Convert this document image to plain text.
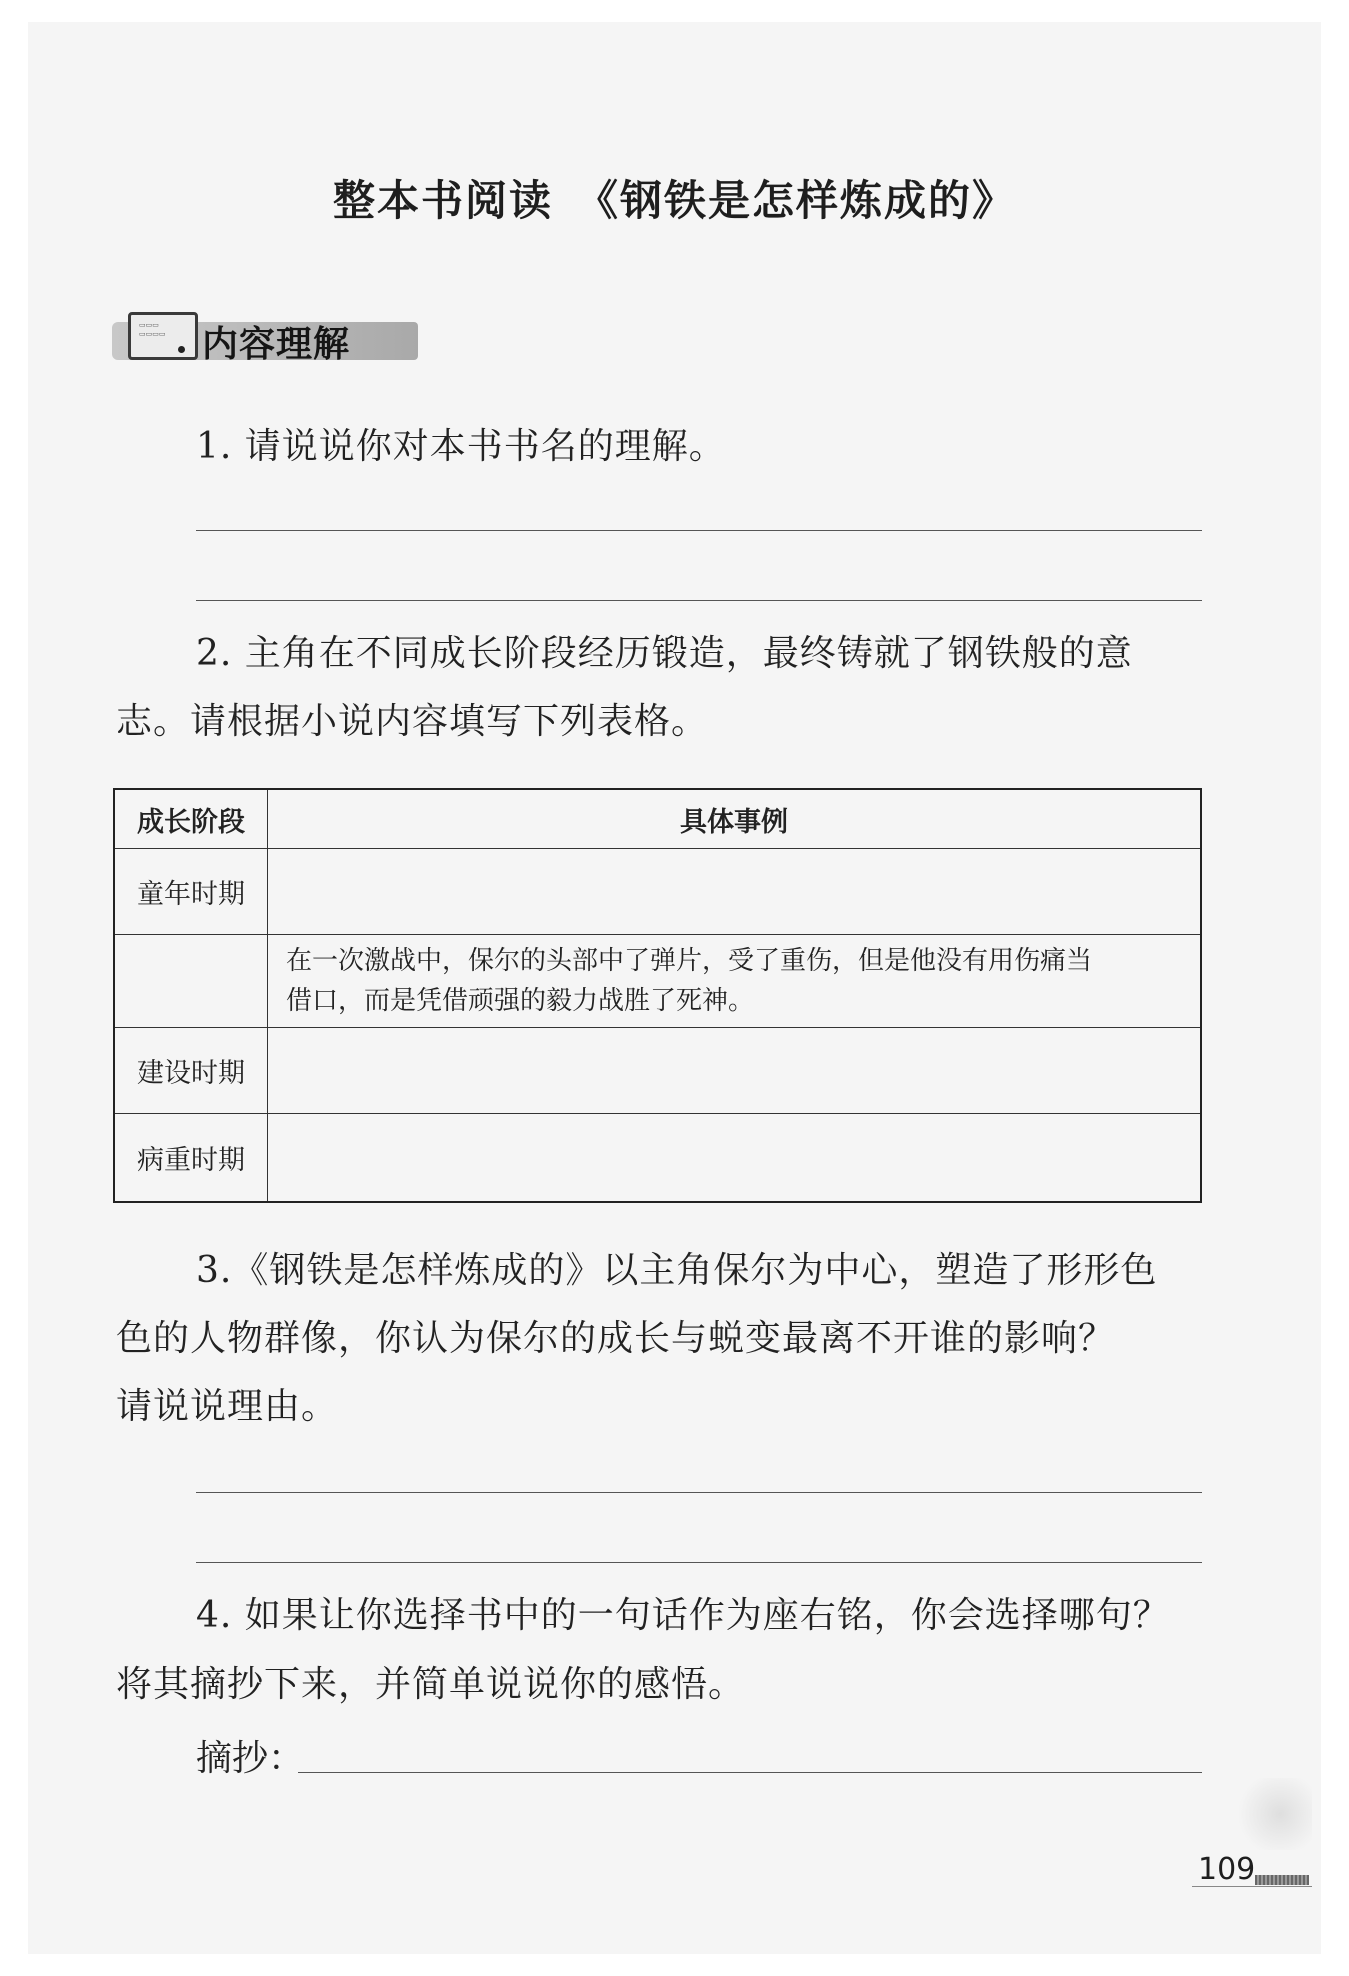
整本书阅读　《钢铁是怎样炼成的》
▭▭▭
▭▭▭▭ 内容理解
1. 请说说你对本书书名的理解。
2. 主角在不同成长阶段经历锻造，最终铸就了钢铁般的意
志。请根据小说内容填写下列表格。
成长阶段	具体事例
童年时期	

	在一次激战中，保尔的头部中了弹片，受了重伤，但是他没有用伤痛当
借口，而是凭借顽强的毅力战胜了死神。

建设时期	
病重时期	
3.《钢铁是怎样炼成的》以主角保尔为中心，塑造了形形色
色的人物群像，你认为保尔的成长与蜕变最离不开谁的影响？
请说说理由。
4. 如果让你选择书中的一句话作为座右铭，你会选择哪句？
将其摘抄下来，并简单说说你的感悟。
摘抄：
109
